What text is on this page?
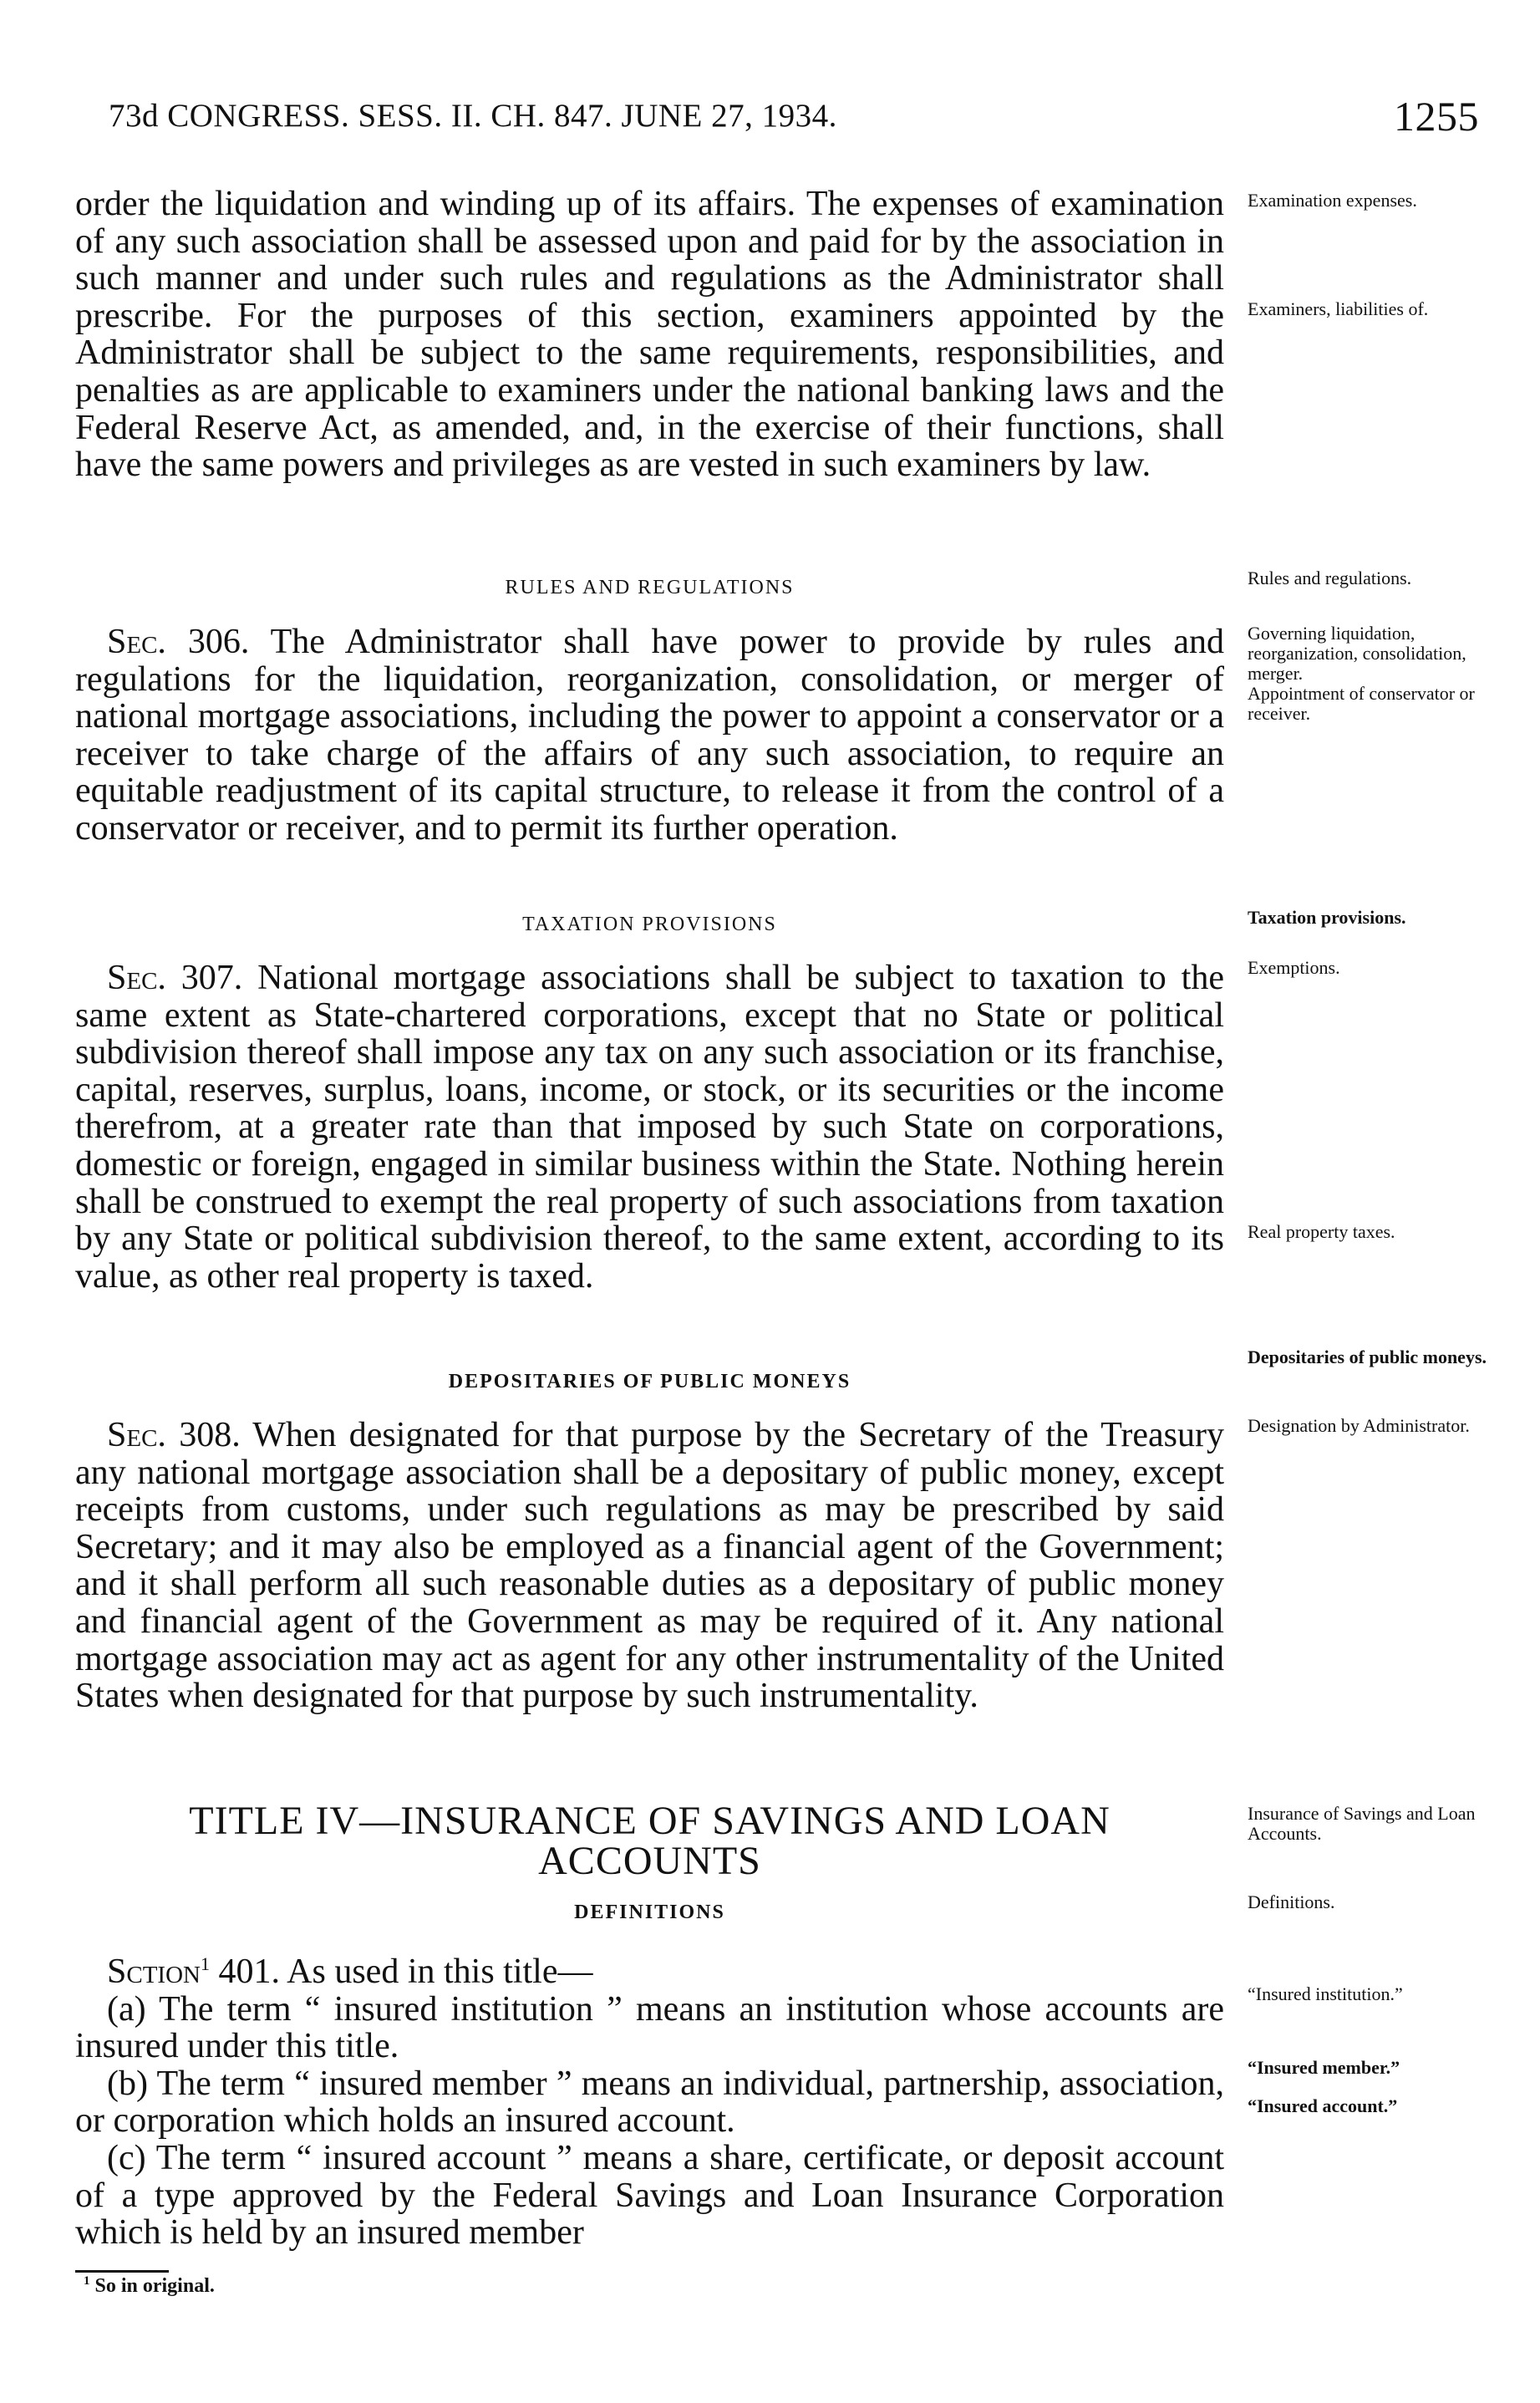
73d CONGRESS. SESS. II. CH. 847. JUNE 27, 1934.	1255

order the liquidation and winding up of its affairs. The expenses of examination of any such association shall be assessed upon and paid for by the association in such manner and under such rules and regulations as the Administrator shall prescribe. For the purposes of this section, examiners appointed by the Administrator shall be subject to the same requirements, responsibilities, and penalties as are applicable to examiners under the national banking laws and the Federal Reserve Act, as amended, and, in the exercise of their functions, shall have the same powers and privileges as are vested in such examiners by law.

RULES AND REGULATIONS

Sec. 306. The Administrator shall have power to provide by rules and regulations for the liquidation, reorganization, consolidation, or merger of national mortgage associations, including the power to appoint a conservator or a receiver to take charge of the affairs of any such association, to require an equitable readjustment of its capital structure, to release it from the control of a conservator or receiver, and to permit its further operation.

TAXATION PROVISIONS

Sec. 307. National mortgage associations shall be subject to taxation to the same extent as State-chartered corporations, except that no State or political subdivision thereof shall impose any tax on any such association or its franchise, capital, reserves, surplus, loans, income, or stock, or its securities or the income therefrom, at a greater rate than that imposed by such State on corporations, domestic or foreign, engaged in similar business within the State. Nothing herein shall be construed to exempt the real property of such associations from taxation by any State or political subdivision thereof, to the same extent, according to its value, as other real property is taxed.

DEPOSITARIES OF PUBLIC MONEYS

Sec. 308. When designated for that purpose by the Secretary of the Treasury any national mortgage association shall be a depositary of public money, except receipts from customs, under such regulations as may be prescribed by said Secretary; and it may also be employed as a financial agent of the Government; and it shall perform all such reasonable duties as a depositary of public money and financial agent of the Government as may be required of it. Any national mortgage association may act as agent for any other instrumentality of the United States when designated for that purpose by such instrumentality.

TITLE IV—INSURANCE OF SAVINGS AND LOAN
ACCOUNTS
DEFINITIONS

Sction$^1$ 401. As used in this title—

(a) The term “ insured institution ” means an institution whose accounts are insured under this title.

(b) The term “ insured member ” means an individual, partnership, association, or corporation which holds an insured account.

(c) The term “ insured account ” means a share, certificate, or deposit account of a type approved by the Federal Savings and Loan Insurance Corporation which is held by an insured member

Examination expenses.
Examiners, liabilities of.
Rules and regulations.
Governing liquidation, reorganization, consolidation, merger.
Appointment of conservator or receiver.
Taxation provisions.
Exemptions.
Real property taxes.
Depositaries of public moneys.
Designation by Administrator.
Insurance of Savings and Loan Accounts.
Definitions.
“Insured institution.”
“Insured member.”
“Insured account.”
$^1$ So in original.
